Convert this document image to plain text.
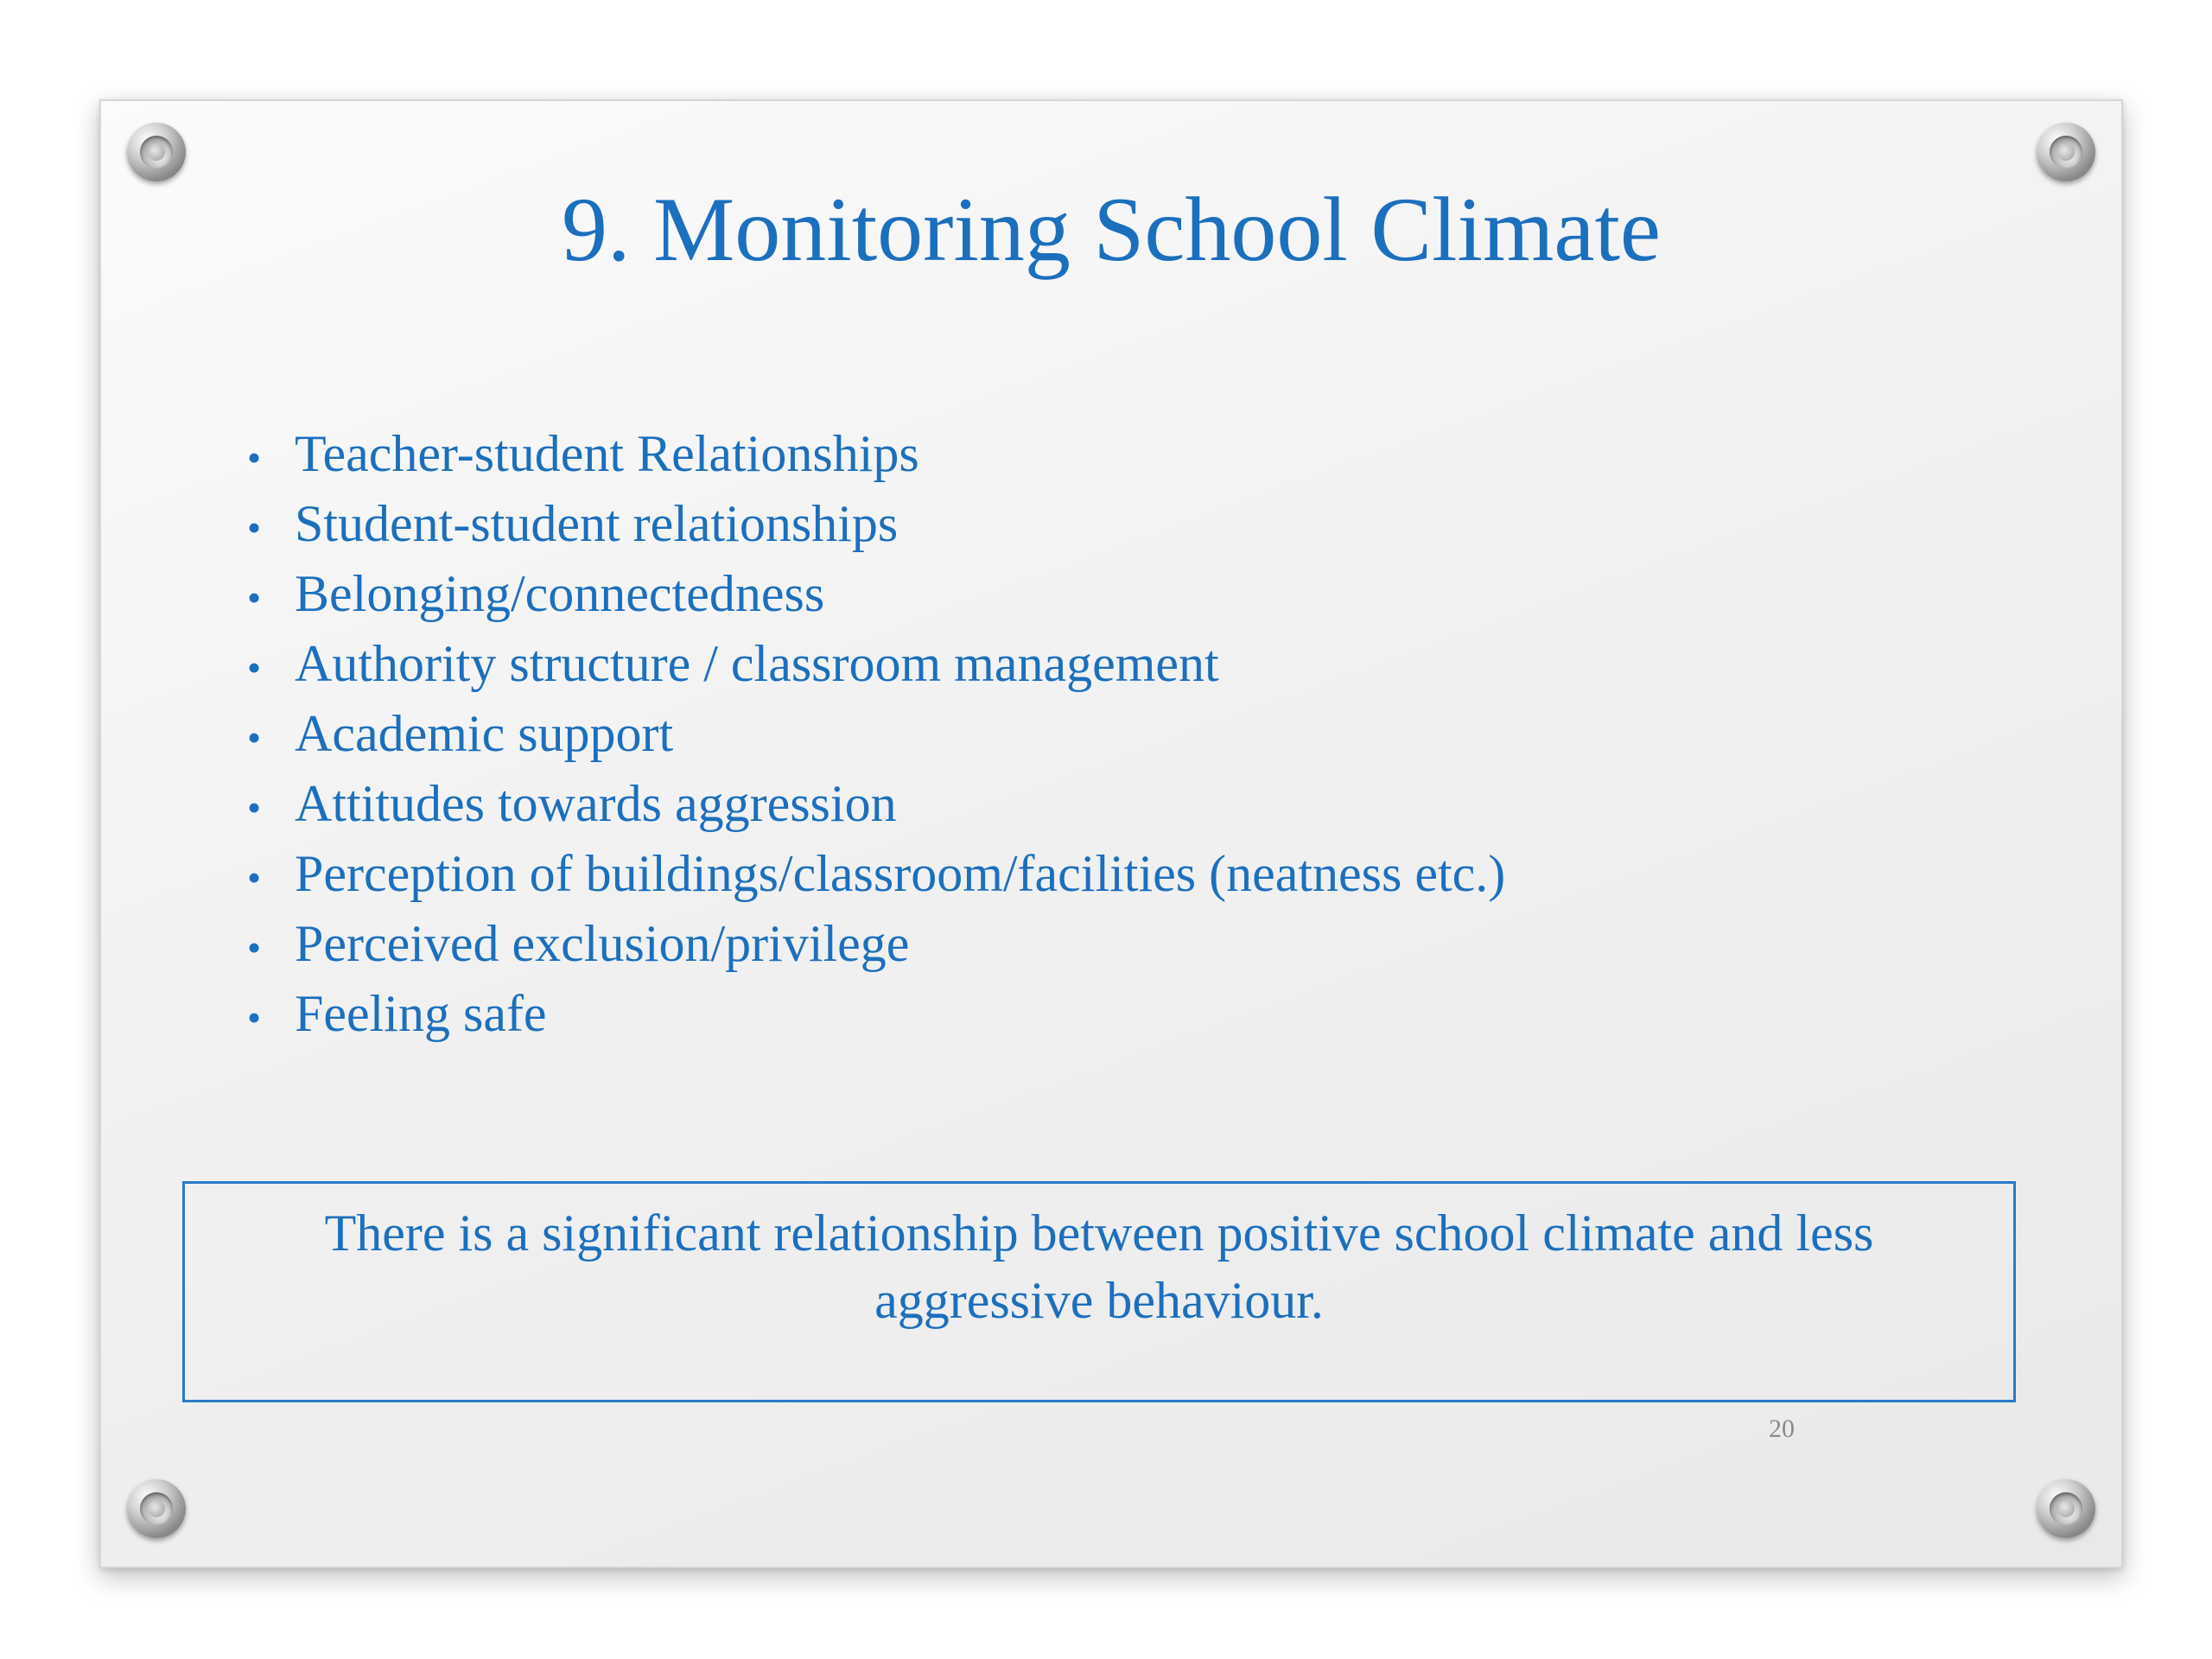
9. Monitoring School Climate
• Teacher-student Relationships
• Student-student relationships
• Belonging/connectedness
• Authority structure / classroom management
• Academic support
• Attitudes towards aggression
• Perception of buildings/classroom/facilities (neatness etc.)
• Perceived exclusion/privilege
• Feeling safe
There is a significant relationship between positive school climate and less aggressive behaviour.
20
